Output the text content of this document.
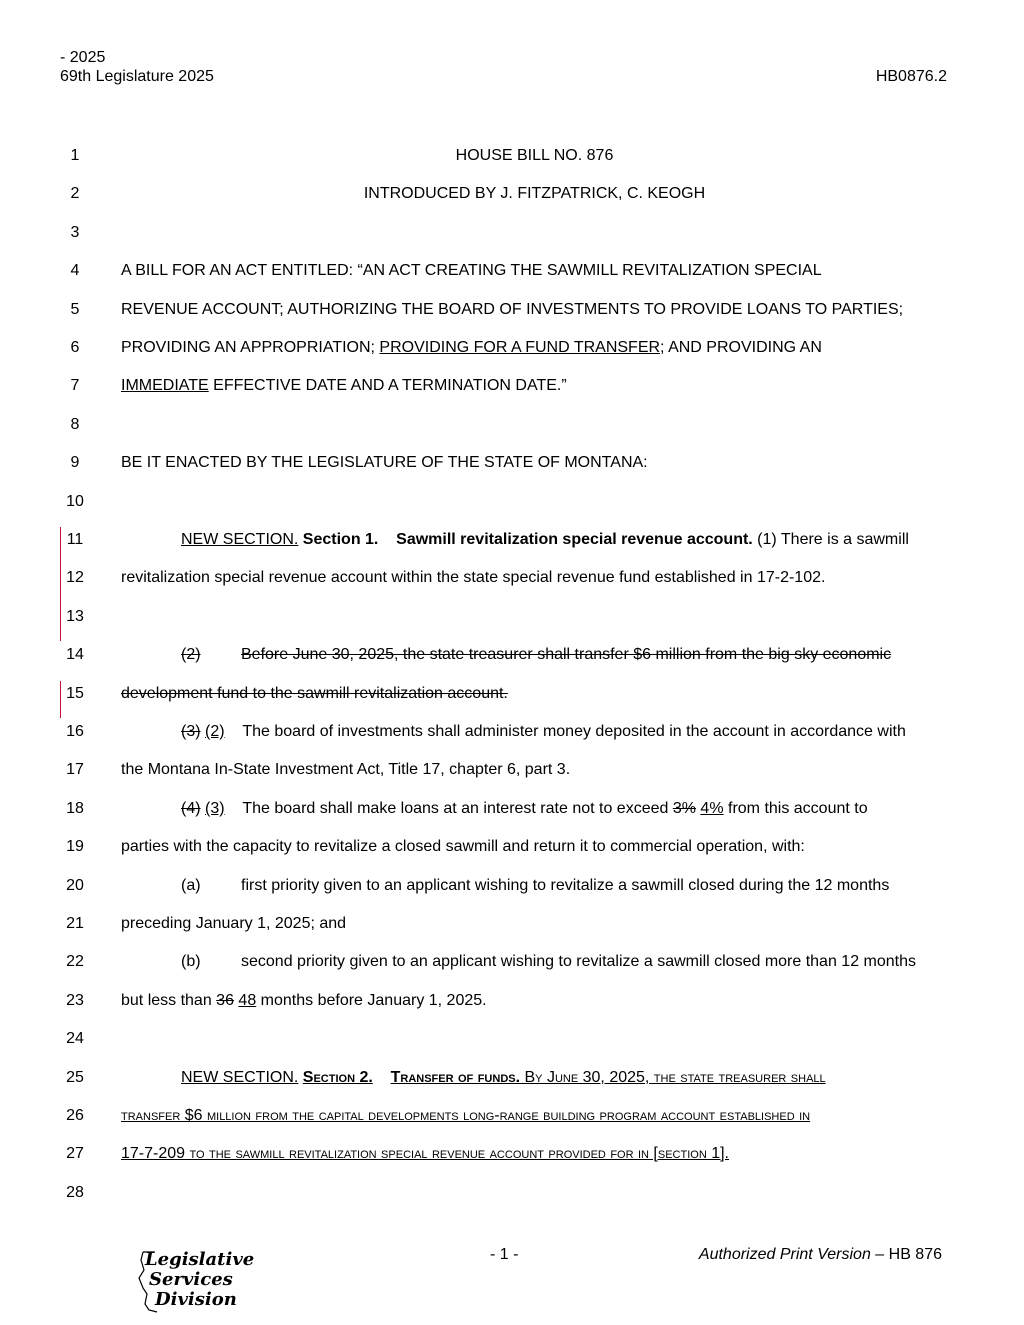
- 2025
69th Legislature 2025	HB0876.2
1
2
3
4
5
6
7
8
9
10
11
12
13
14
15
16
17
18
19
20
21
22
23
24
25
26
27
28
HOUSE BILL NO. 876
INTRODUCED BY J. FITZPATRICK, C. KEOGH
A BILL FOR AN ACT ENTITLED: “AN ACT CREATING THE SAWMILL REVITALIZATION SPECIAL
REVENUE ACCOUNT; AUTHORIZING THE BOARD OF INVESTMENTS TO PROVIDE LOANS TO PARTIES;
PROVIDING AN APPROPRIATION; PROVIDING FOR A FUND TRANSFER; AND PROVIDING AN
IMMEDIATE EFFECTIVE DATE AND A TERMINATION DATE.”
BE IT ENACTED BY THE LEGISLATURE OF THE STATE OF MONTANA:
NEW SECTION. Section 1. Sawmill revitalization special revenue account. (1) There is a sawmill
revitalization special revenue account within the state special revenue fund established in 17-2-102.
(2)	Before June 30, 2025, the state treasurer shall transfer $6 million from the big sky economic
development fund to the sawmill revitalization account.
(3) (2) The board of investments shall administer money deposited in the account in accordance with
the Montana In-State Investment Act, Title 17, chapter 6, part 3.
(4) (3) The board shall make loans at an interest rate not to exceed 3% 4% from this account to
parties with the capacity to revitalize a closed sawmill and return it to commercial operation, with:
(a)	first priority given to an applicant wishing to revitalize a sawmill closed during the 12 months
preceding January 1, 2025; and
(b)	second priority given to an applicant wishing to revitalize a sawmill closed more than 12 months
but less than 36 48 months before January 1, 2025.
NEW SECTION. Section 2. Transfer of funds. By June 30, 2025, the state treasurer shall
transfer $6 million from the capital developments long-range building program account established in
17-7-209 to the sawmill revitalization special revenue account provided for in [section 1].
Legislative
Services
Division
- 1 -	Authorized Print Version – HB 876
